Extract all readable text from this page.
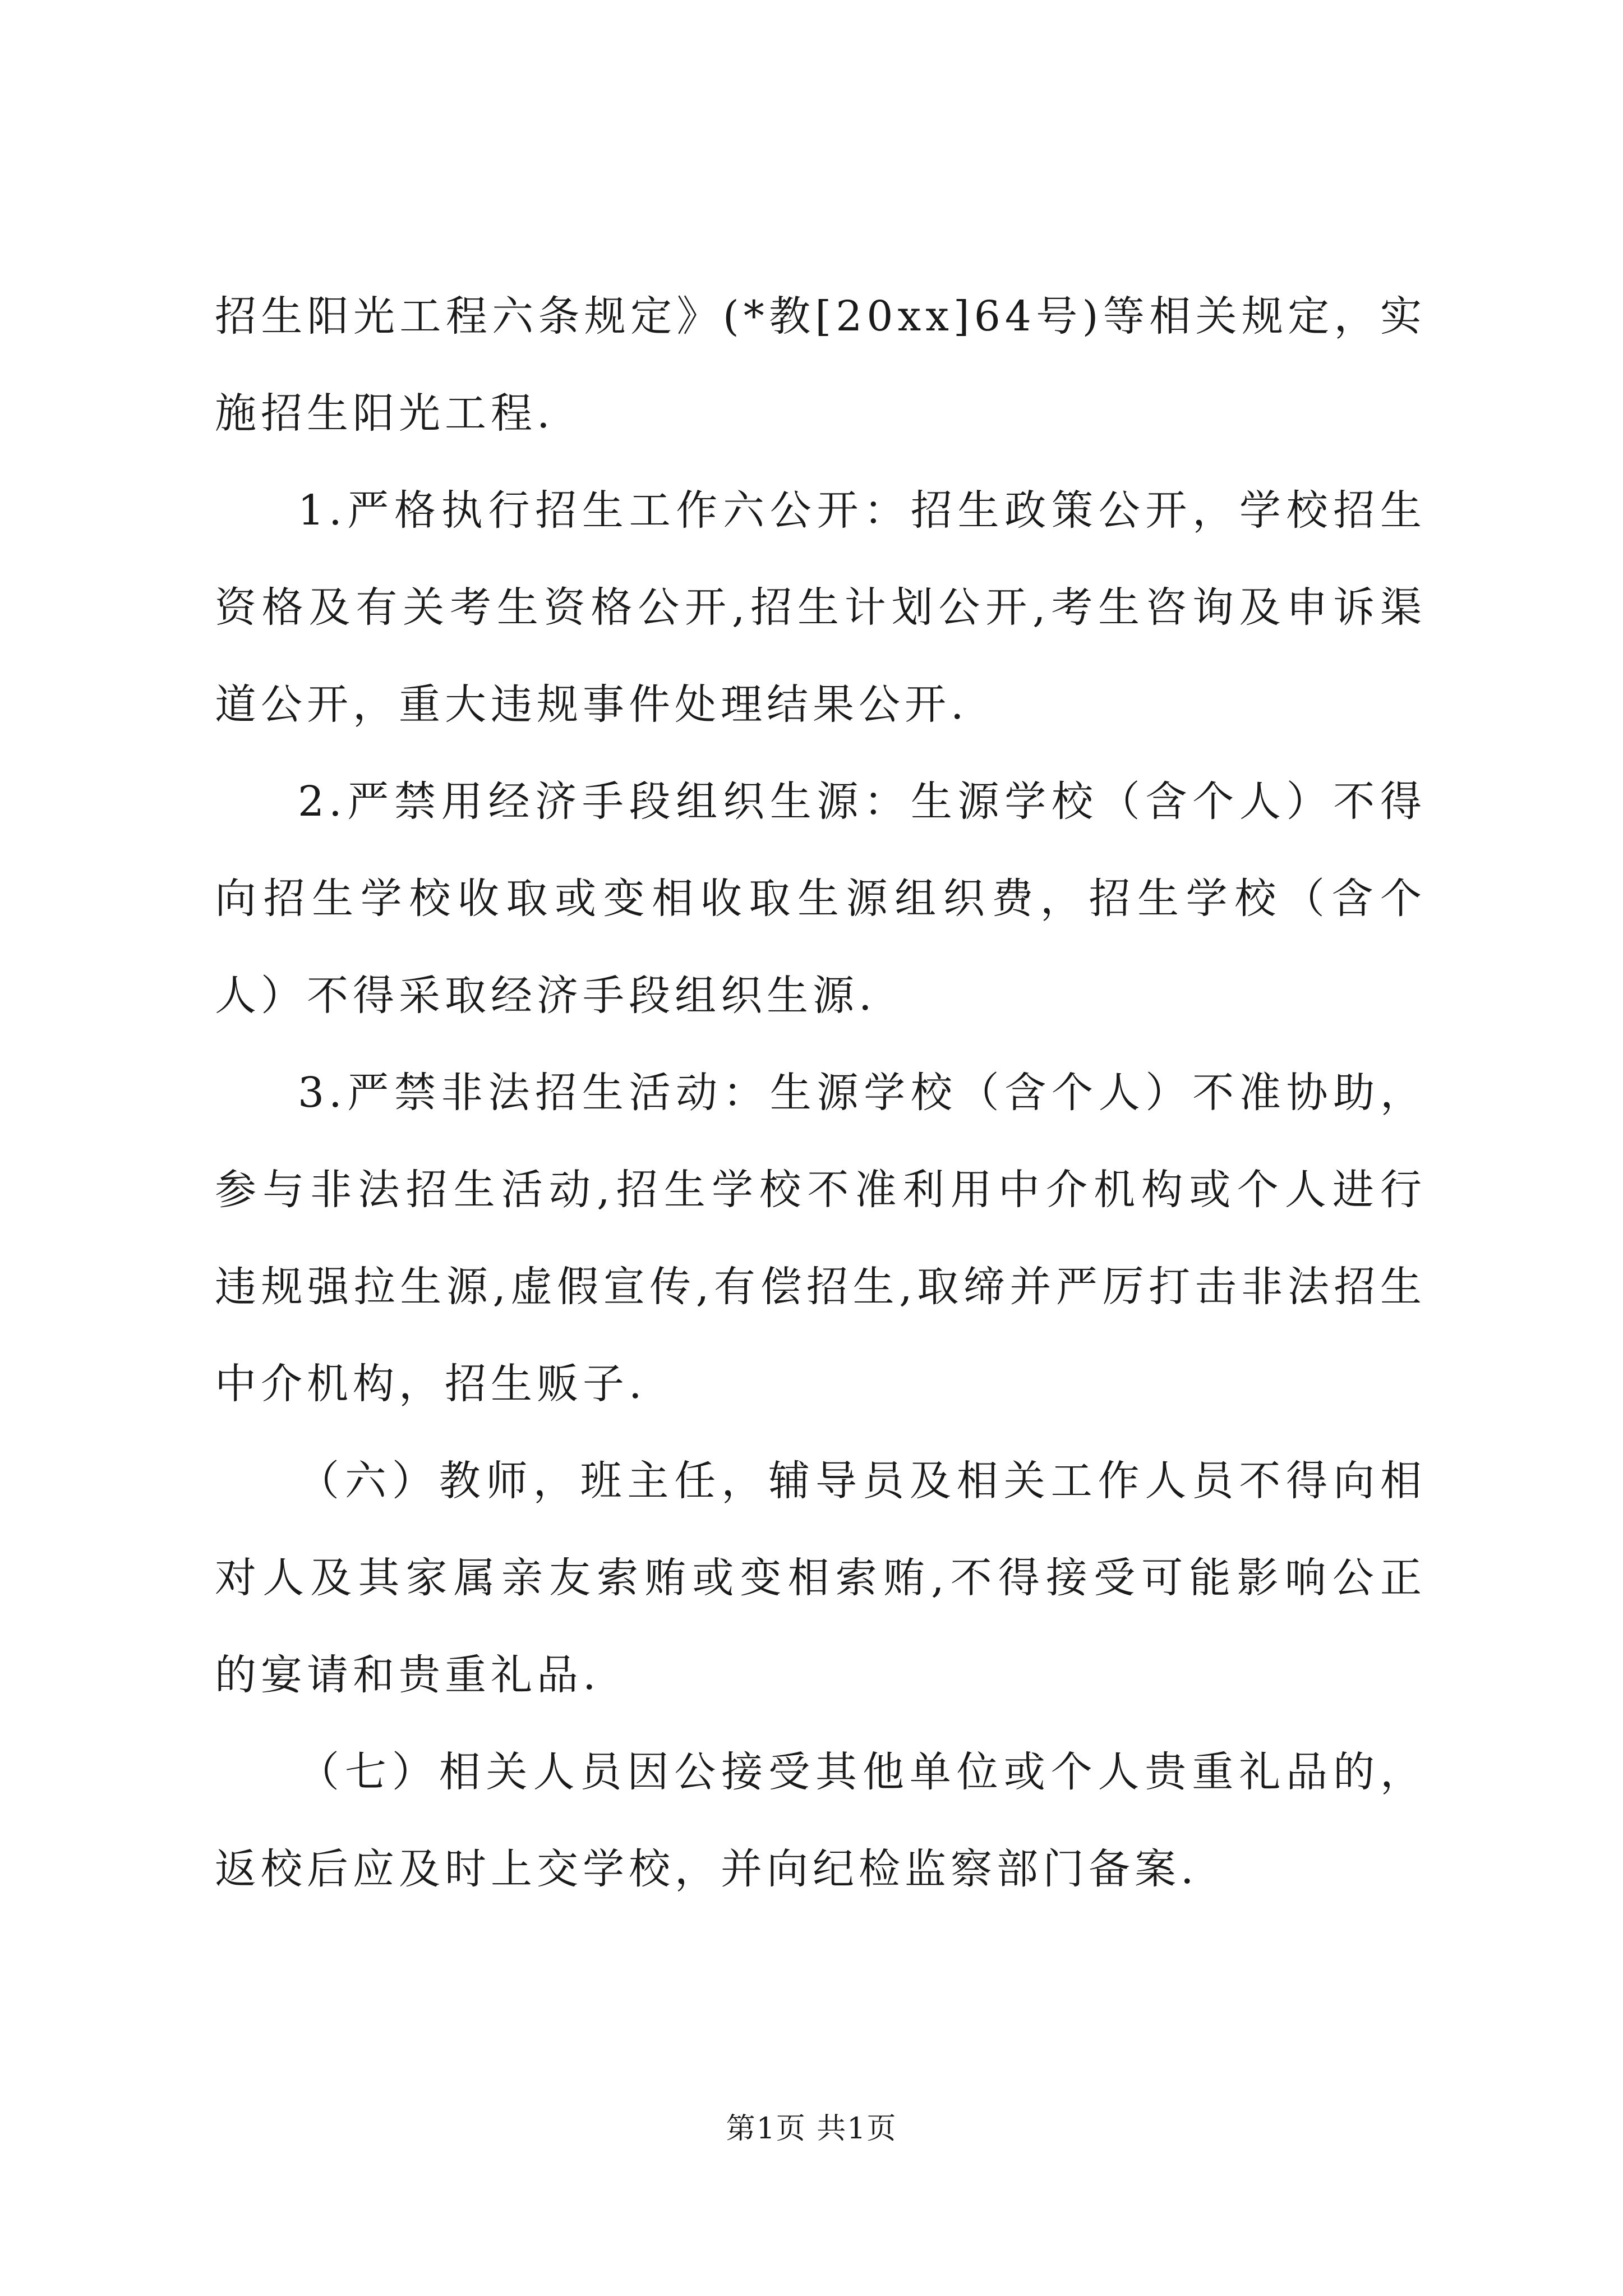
招生阳光工程六条规定》(*教[20xx]64号)等相关规定，实施招生阳光工程.

1.严格执行招生工作六公开：招生政策公开，学校招生资格及有关考生资格公开,招生计划公开,考生咨询及申诉渠道公开，重大违规事件处理结果公开.

2.严禁用经济手段组织生源：生源学校（含个人）不得向招生学校收取或变相收取生源组织费，招生学校（含个人）不得采取经济手段组织生源.

3.严禁非法招生活动：生源学校（含个人）不准协助，参与非法招生活动,招生学校不准利用中介机构或个人进行违规强拉生源,虚假宣传,有偿招生,取缔并严厉打击非法招生中介机构，招生贩子.

（六）教师，班主任，辅导员及相关工作人员不得向相对人及其家属亲友索贿或变相索贿,不得接受可能影响公正的宴请和贵重礼品.

（七）相关人员因公接受其他单位或个人贵重礼品的，返校后应及时上交学校，并向纪检监察部门备案.

第1页 共1页
